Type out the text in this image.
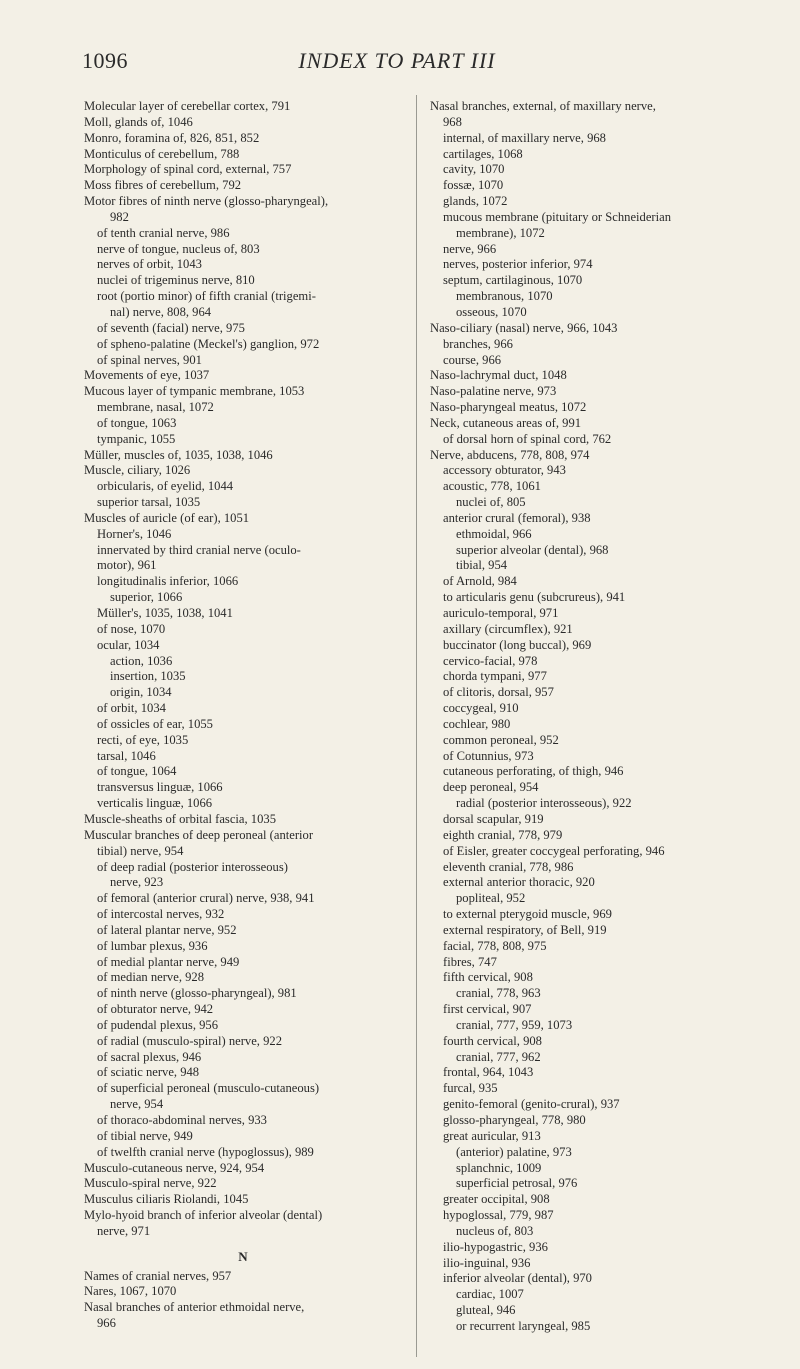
1096	INDEX TO PART III
Molecular layer of cerebellar cortex, 791
Moll, glands of, 1046
Monro, foramina of, 826, 851, 852
Monticulus of cerebellum, 788
Morphology of spinal cord, external, 757
Moss fibres of cerebellum, 792
Motor fibres of ninth nerve (glosso-pharyngeal),
982
of tenth cranial nerve, 986
nerve of tongue, nucleus of, 803
nerves of orbit, 1043
nuclei of trigeminus nerve, 810
root (portio minor) of fifth cranial (trigemi-
nal) nerve, 808, 964
of seventh (facial) nerve, 975
of spheno-palatine (Meckel's) ganglion, 972
of spinal nerves, 901
Movements of eye, 1037
Mucous layer of tympanic membrane, 1053
membrane, nasal, 1072
of tongue, 1063
tympanic, 1055
Müller, muscles of, 1035, 1038, 1046
Muscle, ciliary, 1026
orbicularis, of eyelid, 1044
superior tarsal, 1035
Muscles of auricle (of ear), 1051
Horner's, 1046
innervated by third cranial nerve (oculo-
motor), 961
longitudinalis inferior, 1066
superior, 1066
Müller's, 1035, 1038, 1041
of nose, 1070
ocular, 1034
action, 1036
insertion, 1035
origin, 1034
of orbit, 1034
of ossicles of ear, 1055
recti, of eye, 1035
tarsal, 1046
of tongue, 1064
transversus linguæ, 1066
verticalis linguæ, 1066
Muscle-sheaths of orbital fascia, 1035
Muscular branches of deep peroneal (anterior
tibial) nerve, 954
of deep radial (posterior interosseous)
nerve, 923
of femoral (anterior crural) nerve, 938, 941
of intercostal nerves, 932
of lateral plantar nerve, 952
of lumbar plexus, 936
of medial plantar nerve, 949
of median nerve, 928
of ninth nerve (glosso-pharyngeal), 981
of obturator nerve, 942
of pudendal plexus, 956
of radial (musculo-spiral) nerve, 922
of sacral plexus, 946
of sciatic nerve, 948
of superficial peroneal (musculo-cutaneous)
nerve, 954
of thoraco-abdominal nerves, 933
of tibial nerve, 949
of twelfth cranial nerve (hypoglossus), 989
Musculo-cutaneous nerve, 924, 954
Musculo-spiral nerve, 922
Musculus ciliaris Riolandi, 1045
Mylo-hyoid branch of inferior alveolar (dental)
nerve, 971
N
Names of cranial nerves, 957
Nares, 1067, 1070
Nasal branches of anterior ethmoidal nerve,
966
Nasal branches, external, of maxillary nerve,
968
internal, of maxillary nerve, 968
cartilages, 1068
cavity, 1070
fossæ, 1070
glands, 1072
mucous membrane (pituitary or Schneiderian
membrane), 1072
nerve, 966
nerves, posterior inferior, 974
septum, cartilaginous, 1070
membranous, 1070
osseous, 1070
Naso-ciliary (nasal) nerve, 966, 1043
branches, 966
course, 966
Naso-lachrymal duct, 1048
Naso-palatine nerve, 973
Naso-pharyngeal meatus, 1072
Neck, cutaneous areas of, 991
of dorsal horn of spinal cord, 762
Nerve, abducens, 778, 808, 974
accessory obturator, 943
acoustic, 778, 1061
nuclei of, 805
anterior crural (femoral), 938
ethmoidal, 966
superior alveolar (dental), 968
tibial, 954
of Arnold, 984
to articularis genu (subcrureus), 941
auriculo-temporal, 971
axillary (circumflex), 921
buccinator (long buccal), 969
cervico-facial, 978
chorda tympani, 977
of clitoris, dorsal, 957
coccygeal, 910
cochlear, 980
common peroneal, 952
of Cotunnius, 973
cutaneous perforating, of thigh, 946
deep peroneal, 954
radial (posterior interosseous), 922
dorsal scapular, 919
eighth cranial, 778, 979
of Eisler, greater coccygeal perforating, 946
eleventh cranial, 778, 986
external anterior thoracic, 920
popliteal, 952
to external pterygoid muscle, 969
external respiratory, of Bell, 919
facial, 778, 808, 975
fibres, 747
fifth cervical, 908
cranial, 778, 963
first cervical, 907
cranial, 777, 959, 1073
fourth cervical, 908
cranial, 777, 962
frontal, 964, 1043
furcal, 935
genito-femoral (genito-crural), 937
glosso-pharyngeal, 778, 980
great auricular, 913
(anterior) palatine, 973
splanchnic, 1009
superficial petrosal, 976
greater occipital, 908
hypoglossal, 779, 987
nucleus of, 803
ilio-hypogastric, 936
ilio-inguinal, 936
inferior alveolar (dental), 970
cardiac, 1007
gluteal, 946
or recurrent laryngeal, 985
